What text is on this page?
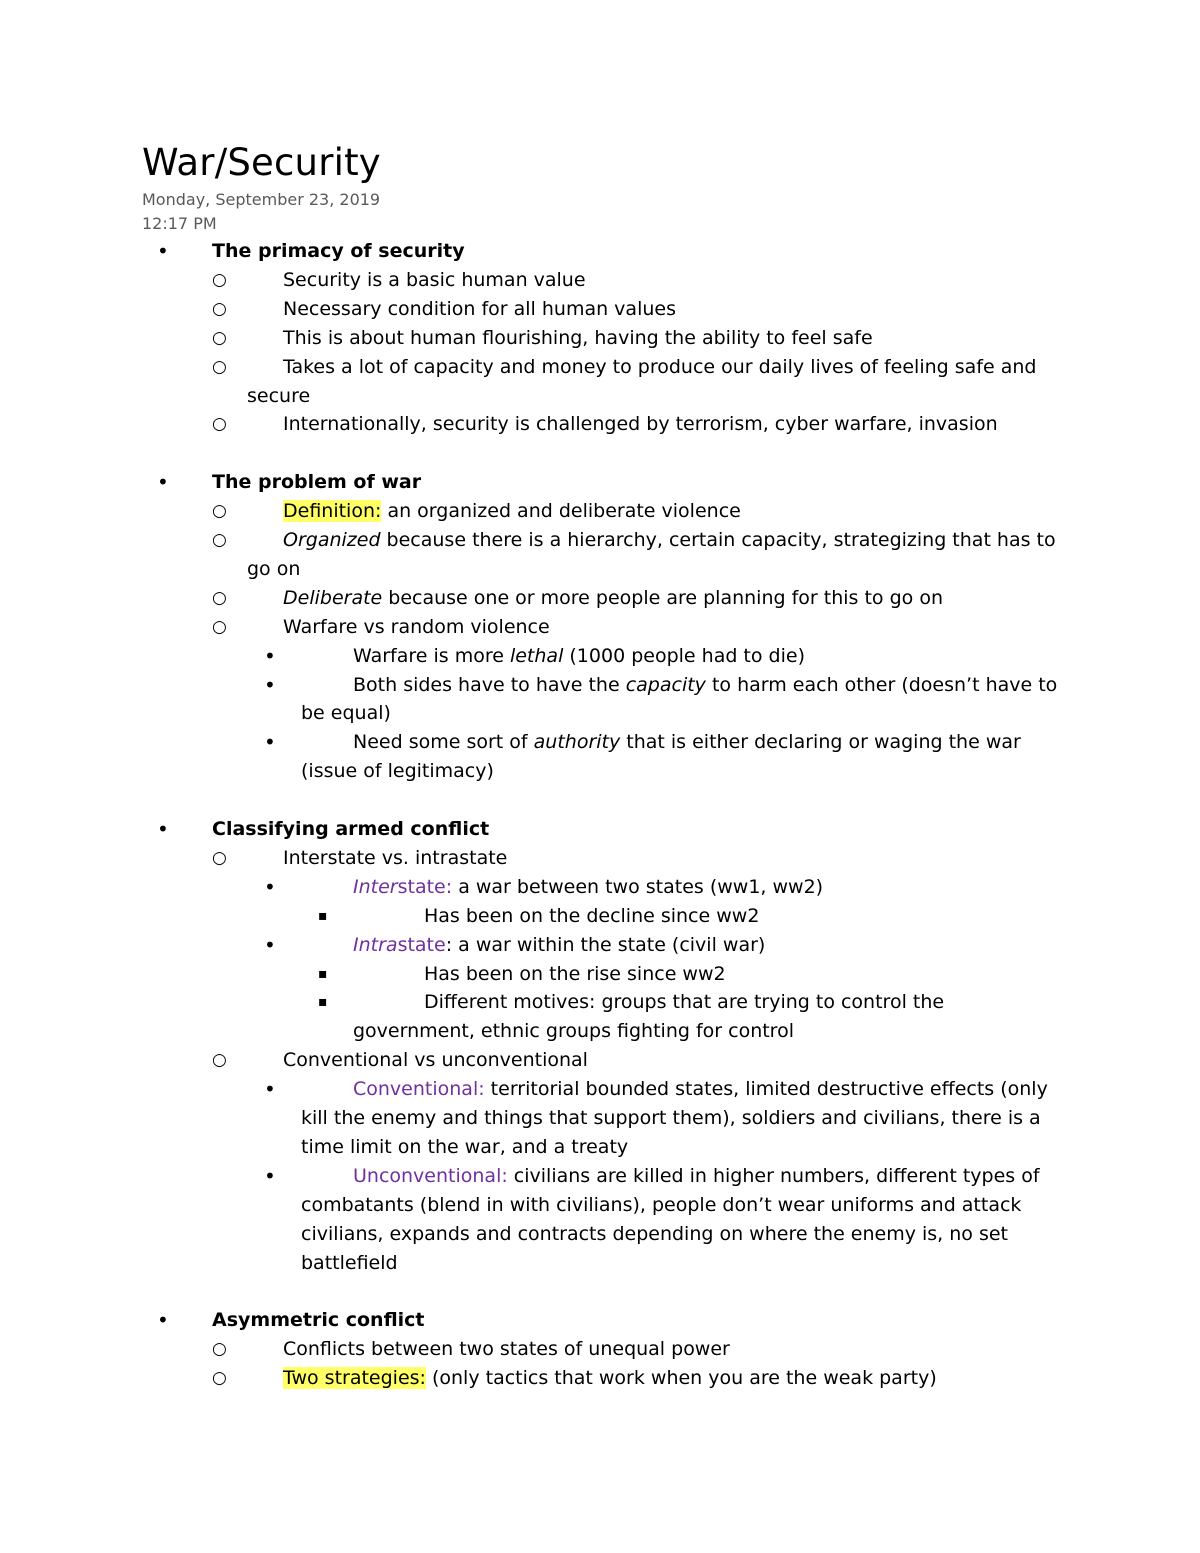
War/Security
Monday, September 23, 2019
12:17 PM
• The primacy of security
○	Security is a basic human value
○	Necessary condition for all human values
○	This is about human flourishing, having the ability to feel safe
○	Takes a lot of capacity and money to produce our daily lives of feeling safe and
secure
○	Internationally, security is challenged by terrorism, cyber warfare, invasion
• The problem of war
○	Definition: an organized and deliberate violence
○	Organized because there is a hierarchy, certain capacity, strategizing that has to
go on
○	Deliberate because one or more people are planning for this to go on
○	Warfare vs random violence
•	Warfare is more lethal (1000 people had to die)
•	Both sides have to have the capacity to harm each other (doesn’t have to
be equal)
•	Need some sort of authority that is either declaring or waging the war
(issue of legitimacy)
• Classifying armed conflict
○	Interstate vs. intrastate
•	Interstate: a war between two states (ww1, ww2)
▪	Has been on the decline since ww2
•	Intrastate: a war within the state (civil war)
▪	Has been on the rise since ww2
▪	Different motives: groups that are trying to control the
government, ethnic groups fighting for control
○	Conventional vs unconventional
•	Conventional: territorial bounded states, limited destructive effects (only
kill the enemy and things that support them), soldiers and civilians, there is a
time limit on the war, and a treaty
•	Unconventional: civilians are killed in higher numbers, different types of
combatants (blend in with civilians), people don’t wear uniforms and attack
civilians, expands and contracts depending on where the enemy is, no set
battlefield
• Asymmetric conflict
○	Conflicts between two states of unequal power
○	Two strategies: (only tactics that work when you are the weak party)
